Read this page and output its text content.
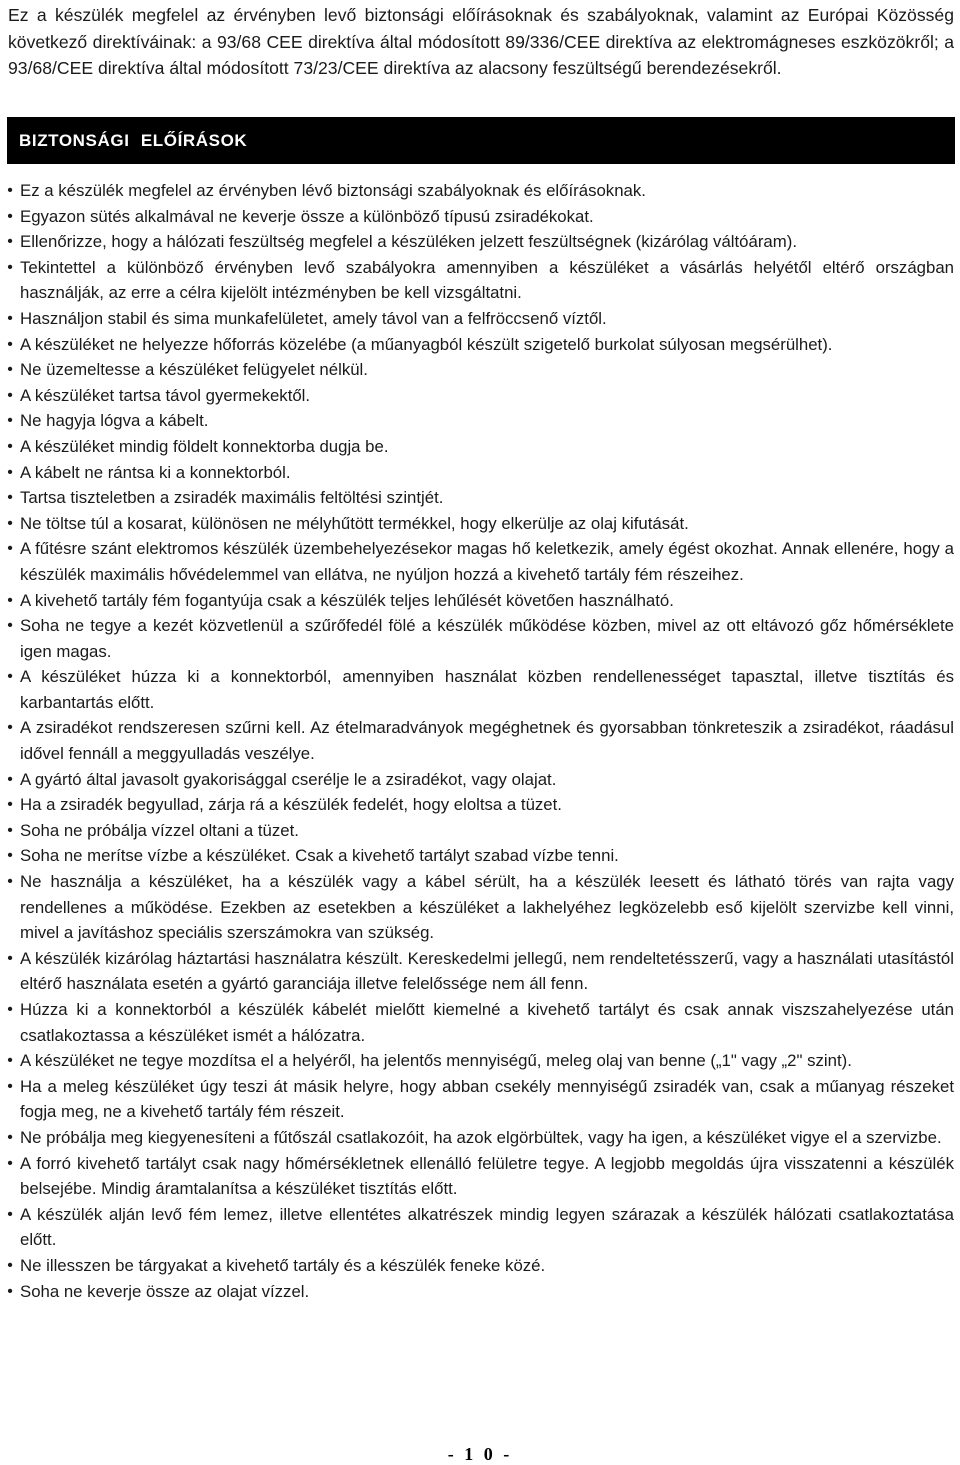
Ez a készülék megfelel az érvényben levő biztonsági előírásoknak és szabályoknak, valamint az Európai Közösség következő direktíváinak: a 93/68 CEE direktíva által módosított 89/336/CEE direktíva az elektromágneses eszközökről; a 93/68/CEE direktíva által módosított 73/23/CEE direktíva az alacsony feszültségű berendezésekről.

BIZTONSÁGI ELŐÍRÁSOK
• Ez a készülék megfelel az érvényben lévő biztonsági szabályoknak és előírásoknak.
• Egyazon sütés alkalmával ne keverje össze a különböző típusú zsiradékokat.
• Ellenőrizze, hogy a hálózati feszültség megfelel a készüléken jelzett feszültségnek (kizárólag váltóáram).
• Tekintettel a különböző érvényben levő szabályokra amennyiben a készüléket a vásárlás helyétől eltérő országban használják, az erre a célra kijelölt intézményben be kell vizsgáltatni.
• Használjon stabil és sima munkafelületet, amely távol van a felfröccsenő víztől.
• A készüléket ne helyezze hőforrás közelébe (a műanyagból készült szigetelő burkolat súlyosan megsérülhet).
• Ne üzemeltesse a készüléket felügyelet nélkül.
• A készüléket tartsa távol gyermekektől.
• Ne hagyja lógva a kábelt.
• A készüléket mindig földelt konnektorba dugja be.
• A kábelt ne rántsa ki a konnektorból.
• Tartsa tiszteletben a zsiradék maximális feltöltési szintjét.
• Ne töltse túl a kosarat, különösen ne mélyhűtött termékkel, hogy elkerülje az olaj kifutását.
• A fűtésre szánt elektromos készülék üzembehelyezésekor magas hő keletkezik, amely égést okozhat. Annak ellenére, hogy a készülék maximális hővédelemmel van ellátva, ne nyúljon hozzá a kivehető tartály fém részeihez.
• A kivehető tartály fém fogantyúja csak a készülék teljes lehűlését követően használható.
• Soha ne tegye a kezét közvetlenül a szűrőfedél fölé a készülék működése közben, mivel az ott eltávozó gőz hőmérséklete igen magas.
• A készüléket húzza ki a konnektorból, amennyiben használat közben rendellenességet tapasztal, illetve tisztítás és karbantartás előtt.
• A zsiradékot rendszeresen szűrni kell. Az ételmaradványok megéghetnek és gyorsabban tönkreteszik a zsiradékot, ráadásul idővel fennáll a meggyulladás veszélye.
• A gyártó által javasolt gyakorisággal cserélje le a zsiradékot, vagy olajat.
• Ha a zsiradék begyullad, zárja rá a készülék fedelét, hogy eloltsa a tüzet.
• Soha ne próbálja vízzel oltani a tüzet.
• Soha ne merítse vízbe a készüléket. Csak a kivehető tartályt szabad vízbe tenni.
• Ne használja a készüléket, ha a készülék vagy a kábel sérült, ha a készülék leesett és látható törés van rajta vagy rendellenes a működése. Ezekben az esetekben a készüléket a lakhelyéhez legközelebb eső kijelölt szervizbe kell vinni, mivel a javításhoz speciális szerszámokra van szükség.
• A készülék kizárólag háztartási használatra készült. Kereskedelmi jellegű, nem rendeltetésszerű, vagy a használati utasítástól eltérő használata esetén a gyártó garanciája illetve felelőssége nem áll fenn.
• Húzza ki a konnektorból a készülék kábelét mielőtt kiemelné a kivehető tartályt és csak annak viszszahelyezése után csatlakoztassa a készüléket ismét a hálózatra.
• A készüléket ne tegye mozdítsa el a helyéről, ha jelentős mennyiségű, meleg olaj van benne („1" vagy „2" szint).
• Ha a meleg készüléket úgy teszi át másik helyre, hogy abban csekély mennyiségű zsiradék van, csak a műanyag részeket fogja meg, ne a kivehető tartály fém részeit.
• Ne próbálja meg kiegyenesíteni a fűtőszál csatlakozóit, ha azok elgörbültek, vagy ha igen, a készüléket vigye el a szervizbe.
• A forró kivehető tartályt csak nagy hőmérsékletnek ellenálló felületre tegye. A legjobb megoldás újra visszatenni a készülék belsejébe. Mindig áramtalanítsa a készüléket tisztítás előtt.
• A készülék alján levő fém lemez, illetve ellentétes alkatrészek mindig legyen szárazak a készülék hálózati csatlakoztatása előtt.
• Ne illesszen be tárgyakat a kivehető tartály és a készülék feneke közé.
• Soha ne keverje össze az olajat vízzel.
- 1 0 -
